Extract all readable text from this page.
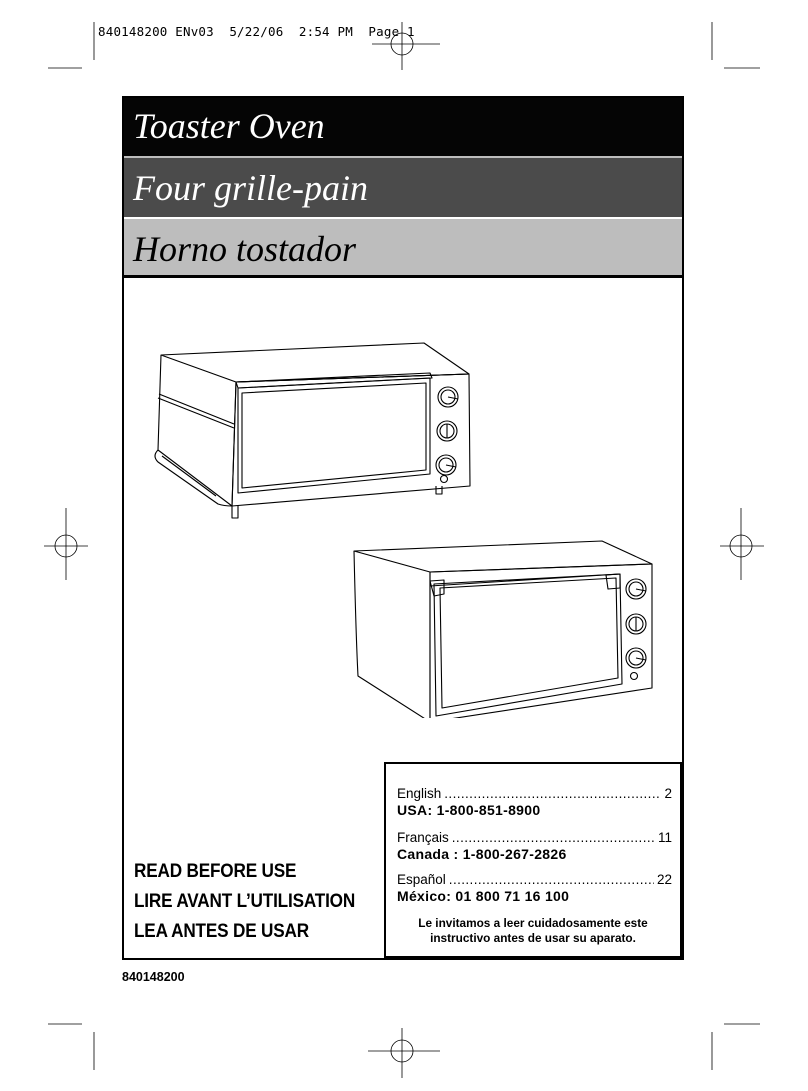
840148200 ENv03  5/22/06  2:54 PM  Page 1
Toaster Oven
Four grille-pain
Horno tostador
READ BEFORE USE
LIRE AVANT L’UTILISATION
LEA ANTES DE USAR
English .....	2
USA: 1-800-851-8900
Français .....	11
Canada : 1-800-267-2826
Español .....	22
México: 01 800 71 16 100
Le invitamos a leer cuidadosamente este
instructivo antes de usar su aparato.
840148200
